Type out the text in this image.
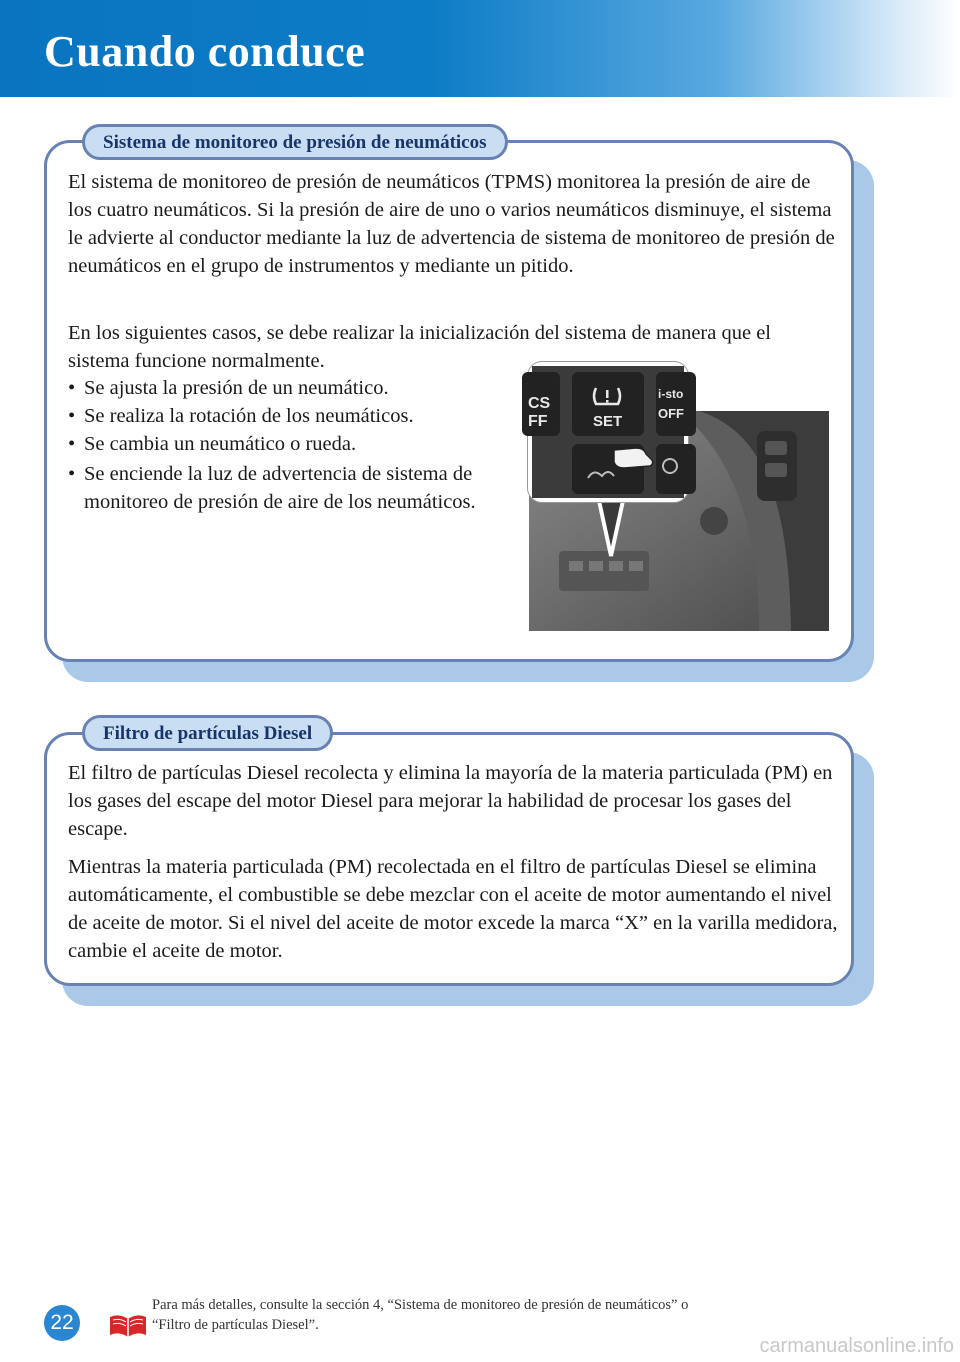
Cuando conduce
Sistema de monitoreo de presión de neumáticos

El sistema de monitoreo de presión de neumáticos (TPMS) monitorea la presión de aire de los cuatro neumáticos. Si la presión de aire de uno o varios neumáticos disminuye, el sistema le advierte al conductor mediante la luz de advertencia de sistema de monitoreo de presión de neumáticos en el grupo de instrumentos y mediante un pitido.

En los siguientes casos, se debe realizar la inicialización del sistema de manera que el sistema funcione normalmente.

• Se ajusta la presión de un neumático.
• Se realiza la rotación de los neumáticos.
• Se cambia un neumático o rueda.
• Se enciende la luz de advertencia de sistema de monitoreo de presión de aire de los neumáticos.
CS
FF	SET
i-sto
OFF
Filtro de partículas Diesel

El filtro de partículas Diesel recolecta y elimina la mayoría de la materia particulada (PM) en los gases del escape del motor Diesel para mejorar la habilidad de procesar los gases del escape.

Mientras la materia particulada (PM) recolectada en el filtro de partículas Diesel se elimina automáticamente, el combustible se debe mezclar con el aceite de motor aumentando el nivel de aceite de motor. Si el nivel del aceite de motor excede la marca “X” en la varilla medidora, cambie el aceite de motor.

22
Para más detalles, consulte la sección 4, “Sistema de monitoreo de presión de neumáticos” o “Filtro de partículas Diesel”.
carmanualsonline.info
